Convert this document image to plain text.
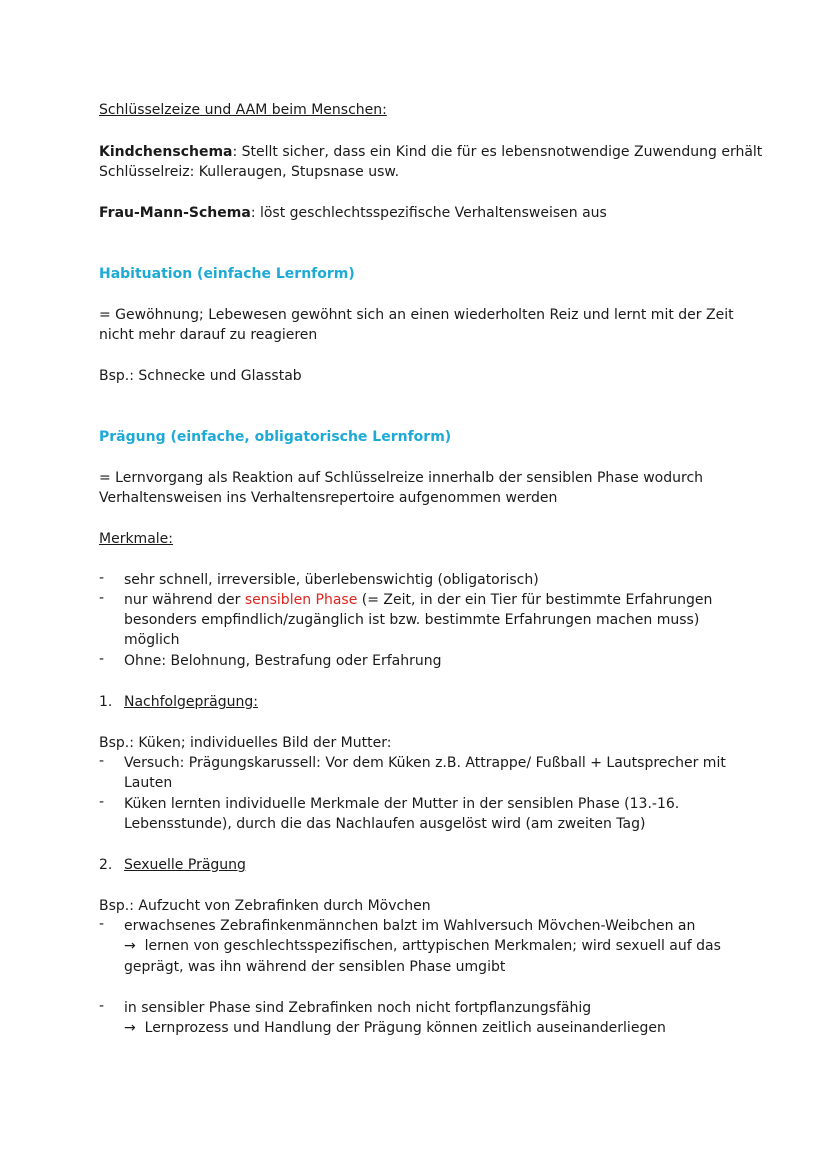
Schlüsselzeize und AAM beim Menschen:

Kindchenschema: Stellt sicher, dass ein Kind die für es lebensnotwendige Zuwendung erhält

Schlüsselreiz: Kulleraugen, Stupsnase usw.

Frau-Mann-Schema: löst geschlechtsspezifische Verhaltensweisen aus

Habituation (einfache Lernform)

= Gewöhnung; Lebewesen gewöhnt sich an einen wiederholten Reiz und lernt mit der Zeit

nicht mehr darauf zu reagieren

Bsp.: Schnecke und Glasstab

Prägung (einfache, obligatorische Lernform)

= Lernvorgang als Reaktion auf Schlüsselreize innerhalb der sensiblen Phase wodurch

Verhaltensweisen ins Verhaltensrepertoire aufgenommen werden

Merkmale:

- sehr schnell, irreversible, überlebenswichtig (obligatorisch)

- nur während der sensiblen Phase (= Zeit, in der ein Tier für bestimmte Erfahrungen

besonders empfindlich/zugänglich ist bzw. bestimmte Erfahrungen machen muss)

möglich

- Ohne: Belohnung, Bestrafung oder Erfahrung

1. Nachfolgeprägung:

Bsp.: Küken; individuelles Bild der Mutter:

- Versuch: Prägungskarussell: Vor dem Küken z.B. Attrappe/ Fußball + Lautsprecher mit

Lauten

- Küken lernten individuelle Merkmale der Mutter in der sensiblen Phase (13.-16.

Lebensstunde), durch die das Nachlaufen ausgelöst wird (am zweiten Tag)

2. Sexuelle Prägung

Bsp.: Aufzucht von Zebrafinken durch Mövchen

- erwachsenes Zebrafinkenmännchen balzt im Wahlversuch Mövchen-Weibchen an

→ lernen von geschlechtsspezifischen, arttypischen Merkmalen; wird sexuell auf das

geprägt, was ihn während der sensiblen Phase umgibt

- in sensibler Phase sind Zebrafinken noch nicht fortpflanzungsfähig

→ Lernprozess und Handlung der Prägung können zeitlich auseinanderliegen
